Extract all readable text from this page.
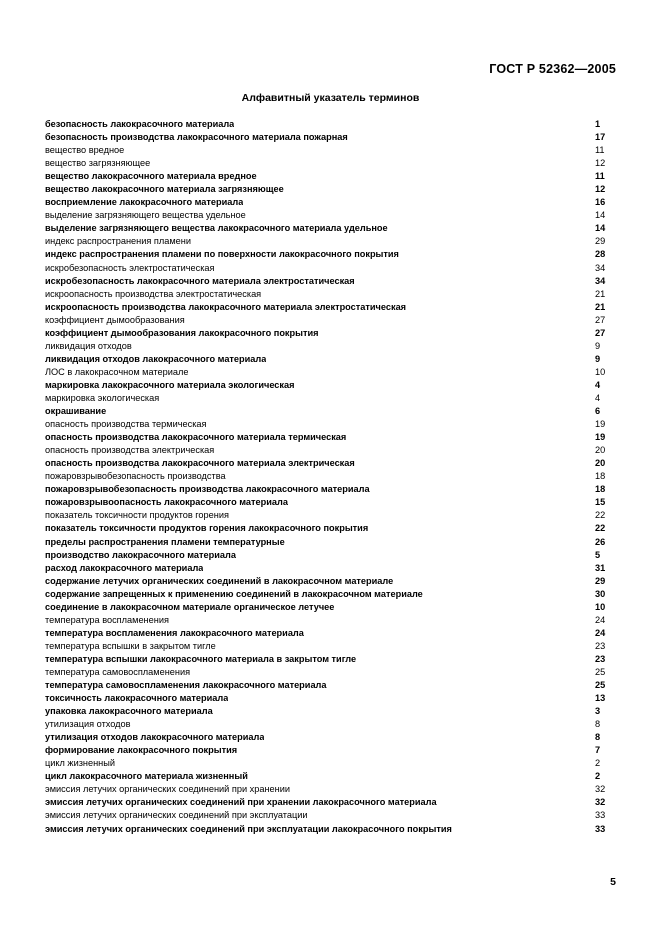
ГОСТ Р 52362—2005
Алфавитный указатель терминов
безопасность лакокрасочного материала	1
безопасность производства лакокрасочного материала пожарная	17
вещество вредное	11
вещество загрязняющее	12
вещество лакокрасочного материала вредное	11
вещество лакокрасочного материала загрязняющее	12
восприемление лакокрасочного материала	16
выделение загрязняющего вещества удельное	14
выделение загрязняющего вещества лакокрасочного материала удельное	14
индекс распространения пламени	29
индекс распространения пламени по поверхности лакокрасочного покрытия	28
искробезопасность электростатическая	34
искробезопасность лакокрасочного материала электростатическая	34
искроопасность производства электростатическая	21
искроопасность производства лакокрасочного материала электростатическая	21
коэффициент дымообразования	27
коэффициент дымообразования лакокрасочного покрытия	27
ликвидация отходов	9
ликвидация отходов лакокрасочного материала	9
ЛОС в лакокрасочном материале	10
маркировка лакокрасочного материала экологическая	4
маркировка экологическая	4
окрашивание	6
опасность производства термическая	19
опасность производства лакокрасочного материала термическая	19
опасность производства электрическая	20
опасность производства лакокрасочного материала электрическая	20
пожаровзрывобезопасность производства	18
пожаровзрывобезопасность производства лакокрасочного материала	18
пожаровзрывоопасность лакокрасочного материала	15
показатель токсичности продуктов горения	22
показатель токсичности продуктов горения лакокрасочного покрытия	22
пределы распространения пламени температурные	26
производство лакокрасочного материала	5
расход лакокрасочного материала	31
содержание летучих органических соединений в лакокрасочном материале	29
содержание запрещенных к применению соединений в лакокрасочном материале	30
соединение в лакокрасочном материале органическое летучее	10
температура воспламенения	24
температура воспламенения лакокрасочного материала	24
температура вспышки в закрытом тигле	23
температура вспышки лакокрасочного материала в закрытом тигле	23
температура самовоспламенения	25
температура самовоспламенения лакокрасочного материала	25
токсичность лакокрасочного материала	13
упаковка лакокрасочного материала	3
утилизация отходов	8
утилизация отходов лакокрасочного материала	8
формирование лакокрасочного покрытия	7
цикл жизненный	2
цикл лакокрасочного материала жизненный	2
эмиссия летучих органических соединений при хранении	32
эмиссия летучих органических соединений при хранении лакокрасочного материала	32
эмиссия летучих органических соединений при эксплуатации	33
эмиссия летучих органических соединений при эксплуатации лакокрасочного покрытия	33
5
